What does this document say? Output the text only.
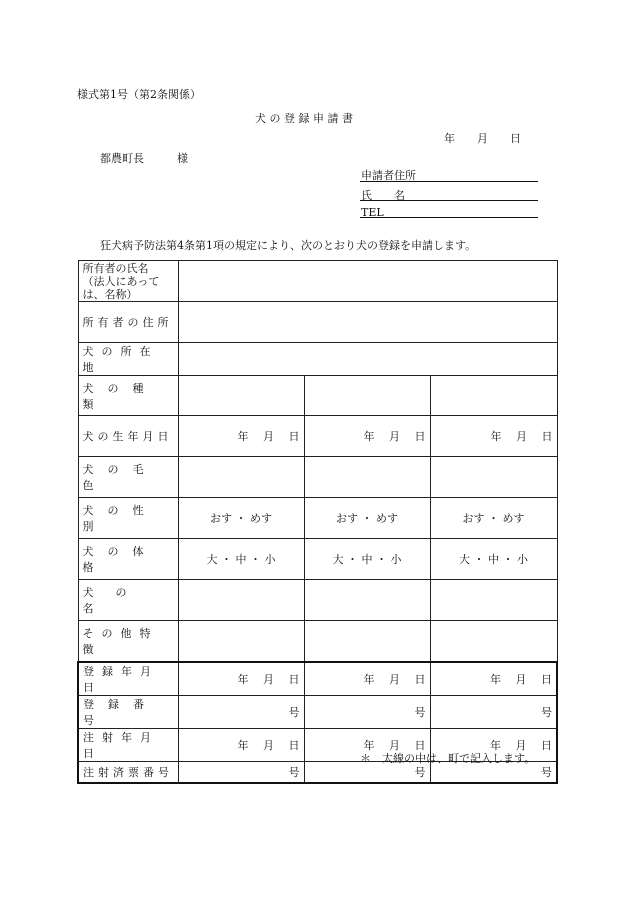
様式第1号（第2条関係）
犬 の 登 録 申 請 書
年　　月　　日
都農町長　　　様
申請者住所
氏　　名
TEL
狂犬病予防法第4条第1項の規定により、次のとおり犬の登録を申請します。
所有者の氏名
（法人にあっては、名称）			

所有者の住所			
犬の所在地			
犬の種類			
犬の生年月日	年 月 日	年 月 日	年 月 日
犬の毛色			
犬の性別	おす ・ めす	おす ・ めす	おす ・ めす
犬の体格	大 ・ 中 ・ 小	大 ・ 中 ・ 小	大 ・ 中 ・ 小
犬の名			
その他特徴			
登録年月日	年 月 日	年 月 日	年 月 日
登録番号	号	号	号
注射年月日	年 月 日	年 月 日	年 月 日
注射済票番号	号	号	号
＊　太線の中は、町で記入します。
